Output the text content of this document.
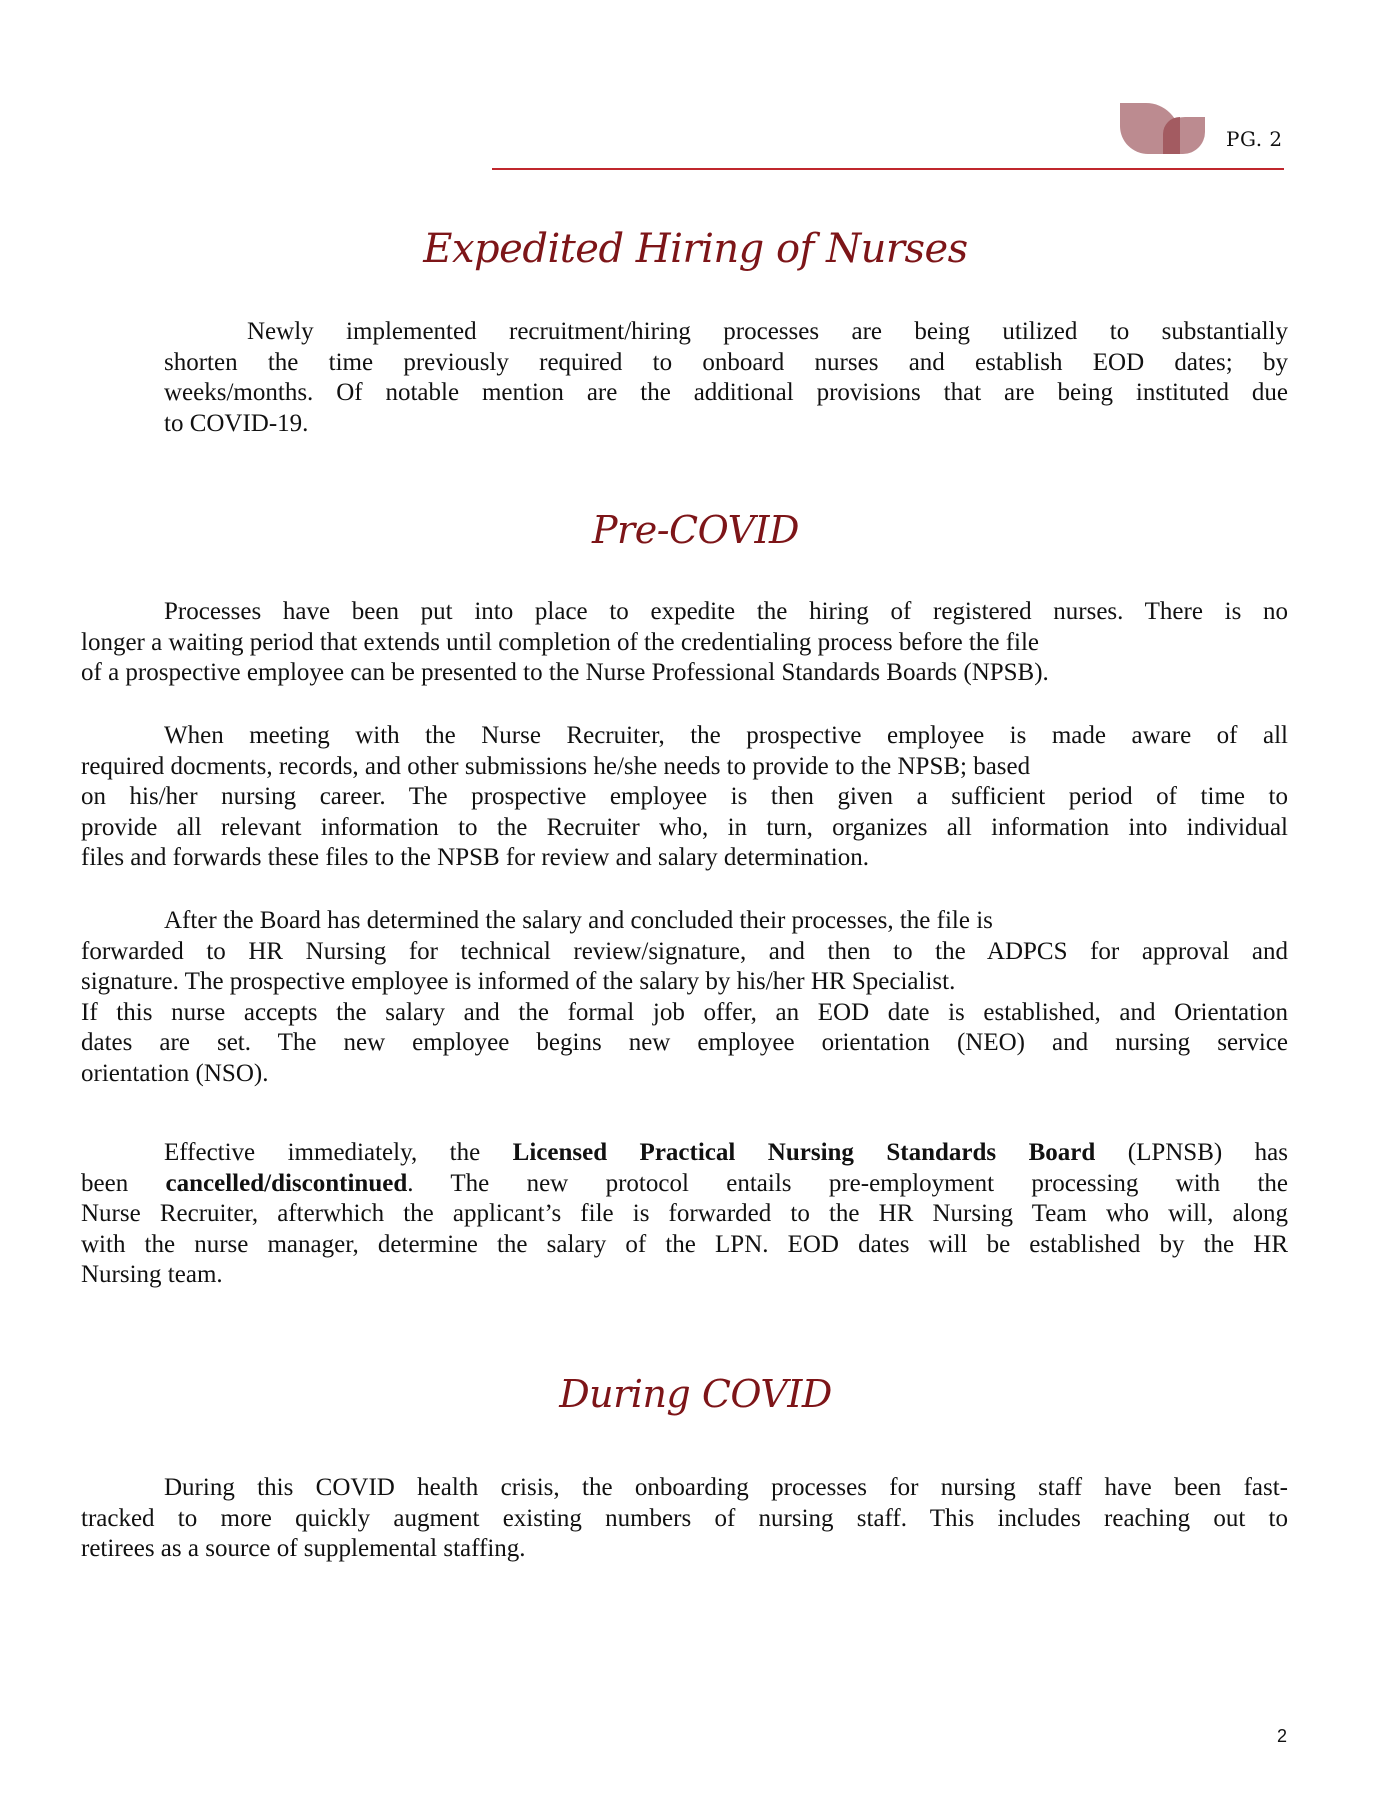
PG. 2
Expedited Hiring of Nurses

Newly implemented recruitment/hiring processes are being utilized to substantially
shorten the time previously required to onboard nurses and establish EOD dates; by
weeks/months. Of notable mention are the additional provisions that are being instituted due
to COVID-19.

Pre-COVID

Processes have been put into place to expedite the hiring of registered nurses. There is no
longer a waiting period that extends until completion of the credentialing process before the file
of a prospective employee can be presented to the Nurse Professional Standards Boards (NPSB).

When meeting with the Nurse Recruiter, the prospective employee is made aware of all
required docments, records, and other submissions he/she needs to provide to the NPSB; based
on his/her nursing career. The prospective employee is then given a sufficient period of time to
provide all relevant information to the Recruiter who, in turn, organizes all information into individual
files and forwards these files to the NPSB for review and salary determination.

After the Board has determined the salary and concluded their processes, the file is
forwarded to HR Nursing for technical review/signature, and then to the ADPCS for approval and
signature. The prospective employee is informed of the salary by his/her HR Specialist.
If this nurse accepts the salary and the formal job offer, an EOD date is established, and Orientation
dates are set. The new employee begins new employee orientation (NEO) and nursing service
orientation (NSO).

Effective immediately, the Licensed Practical Nursing Standards Board (LPNSB) has
been cancelled/discontinued. The new protocol entails pre-employment processing with the
Nurse Recruiter, afterwhich the applicant’s file is forwarded to the HR Nursing Team who will, along
with the nurse manager, determine the salary of the LPN. EOD dates will be established by the HR
Nursing team.

During COVID

During this COVID health crisis, the onboarding processes for nursing staff have been fast-
tracked to more quickly augment existing numbers of nursing staff. This includes reaching out to
retirees as a source of supplemental staffing.

2
